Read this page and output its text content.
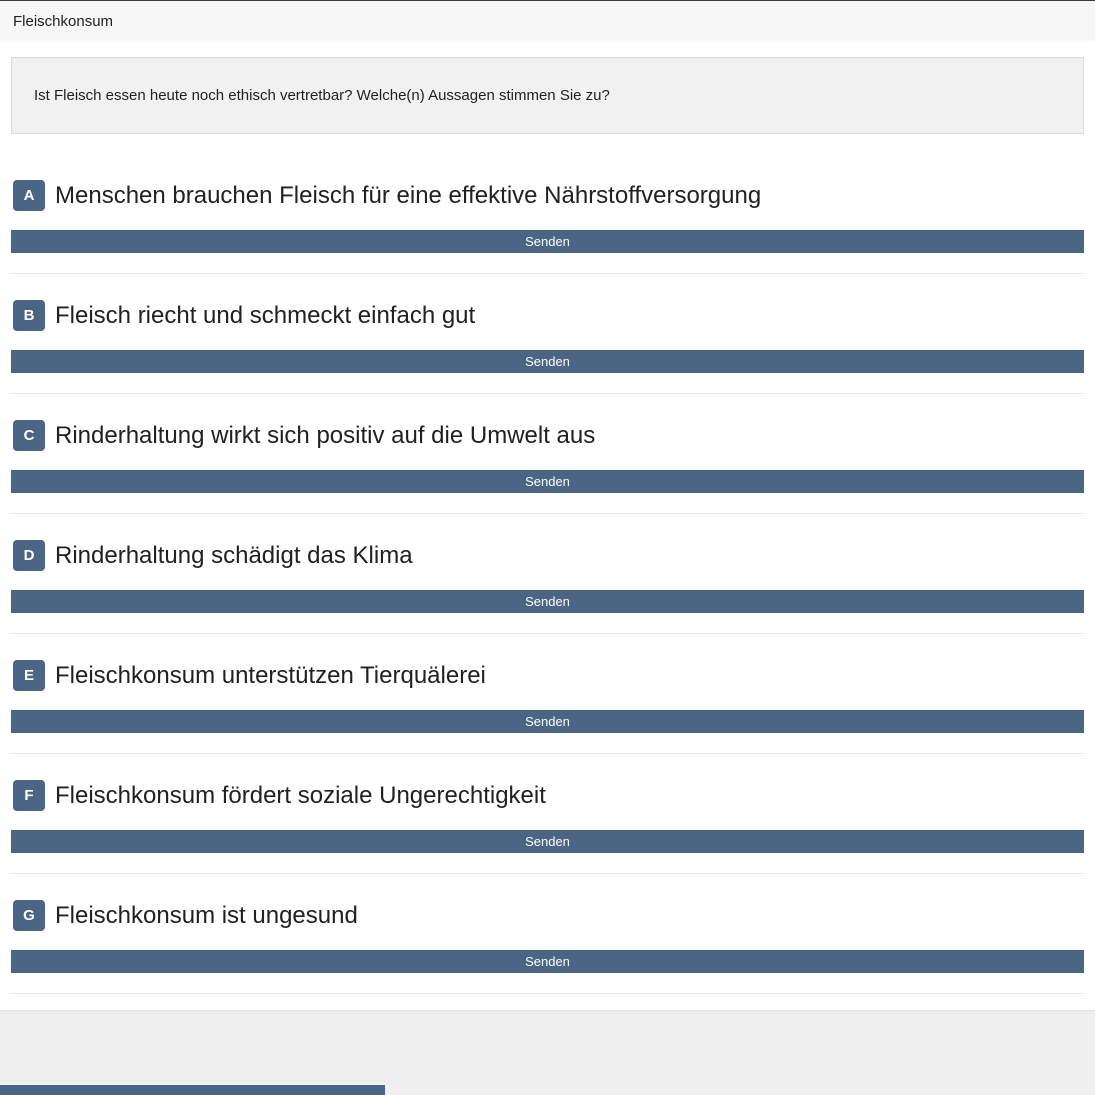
Fleischkonsum
Ist Fleisch essen heute noch ethisch vertretbar? Welche(n) Aussagen stimmen Sie zu?
A Menschen brauchen Fleisch für eine effektive Nährstoffversorgung
Senden
B Fleisch riecht und schmeckt einfach gut
Senden
C Rinderhaltung wirkt sich positiv auf die Umwelt aus
Senden
D Rinderhaltung schädigt das Klima
Senden
E Fleischkonsum unterstützen Tierquälerei
Senden
F Fleischkonsum fördert soziale Ungerechtigkeit
Senden
G Fleischkonsum ist ungesund
Senden
